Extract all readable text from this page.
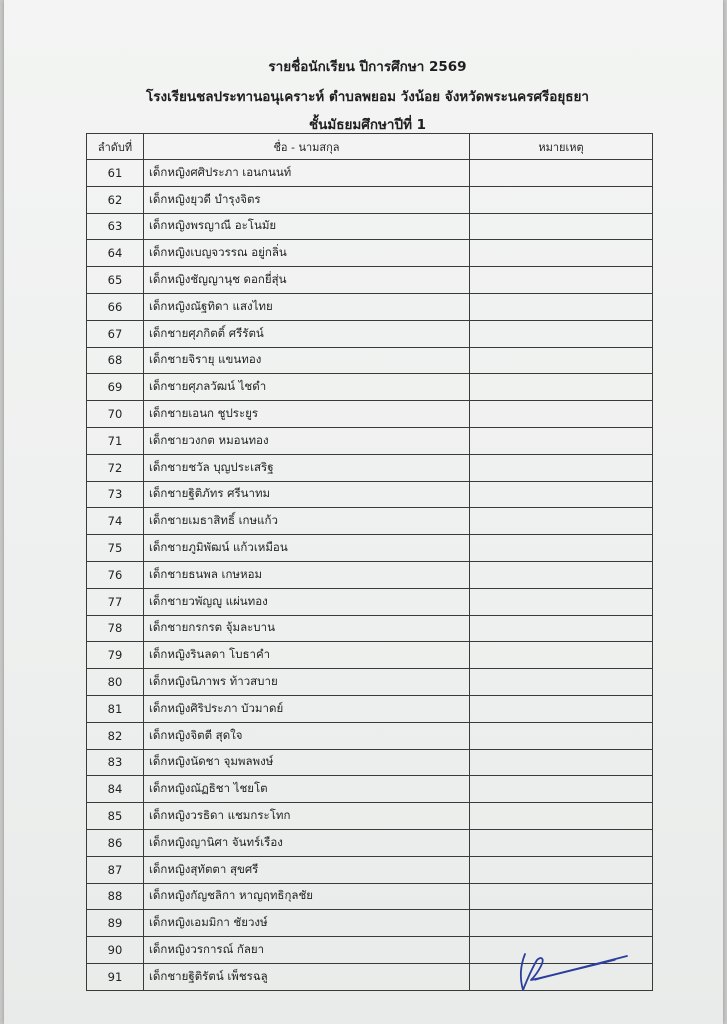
รายชื่อนักเรียน ปีการศึกษา 2569
โรงเรียนชลประทานอนุเคราะห์ ตำบลพยอม วังน้อย จังหวัดพระนครศรีอยุธยา
ชั้นมัธยมศึกษาปีที่ 1
ลำดับที่	ชื่อ - นามสกุล	หมายเหตุ
61	เด็กหญิงศศิประภา เอนกนนท์	
62	เด็กหญิงยุวดี บำรุงจิตร	
63	เด็กหญิงพรญาณี อะโนมัย	
64	เด็กหญิงเบญจวรรณ อยู่กลิ่น	
65	เด็กหญิงชัญญานุช ดอกยี่สุ่น	
66	เด็กหญิงณัฐทิดา แสงไทย	
67	เด็กชายศุภกิตติ์ ศรีรัตน์	
68	เด็กชายจิรายุ แขนทอง	
69	เด็กชายศุภลวัฒน์ ไชดำ	
70	เด็กชายเอนก ชูประยูร	
71	เด็กชายวงกต หมอนทอง	
72	เด็กชายชวัล บุญประเสริฐ	
73	เด็กชายฐิติภัทร ศรีนาทม	
74	เด็กชายเมธาสิทธิ์ เกษแก้ว	
75	เด็กชายภูมิพัฒน์ แก้วเหมือน	
76	เด็กชายธนพล เกษหอม	
77	เด็กชายวพัญญู แผ่นทอง	
78	เด็กชายกรกรต จุ้มละบาน	
79	เด็กหญิงรินลดา โบธาคำ	
80	เด็กหญิงนิภาพร ท้าวสบาย	
81	เด็กหญิงศิริประภา บัวมาดย์	
82	เด็กหญิงจิตตี สุดใจ	
83	เด็กหญิงนัดชา จุมพลพงษ์	
84	เด็กหญิงณัฏธิชา ไชยโต	
85	เด็กหญิงวรธิดา แชมกระโทก	
86	เด็กหญิงญานิศา จันทร์เรือง	
87	เด็กหญิงสุทัตตา สุขศรี	
88	เด็กหญิงกัญชลิกา หาญฤทธิกุลชัย	
89	เด็กหญิงเอมมิกา ชัยวงษ์	
90	เด็กหญิงวรการณ์ กัลยา	
91	เด็กชายฐิติรัตน์ เพ็ชรฉลู	
